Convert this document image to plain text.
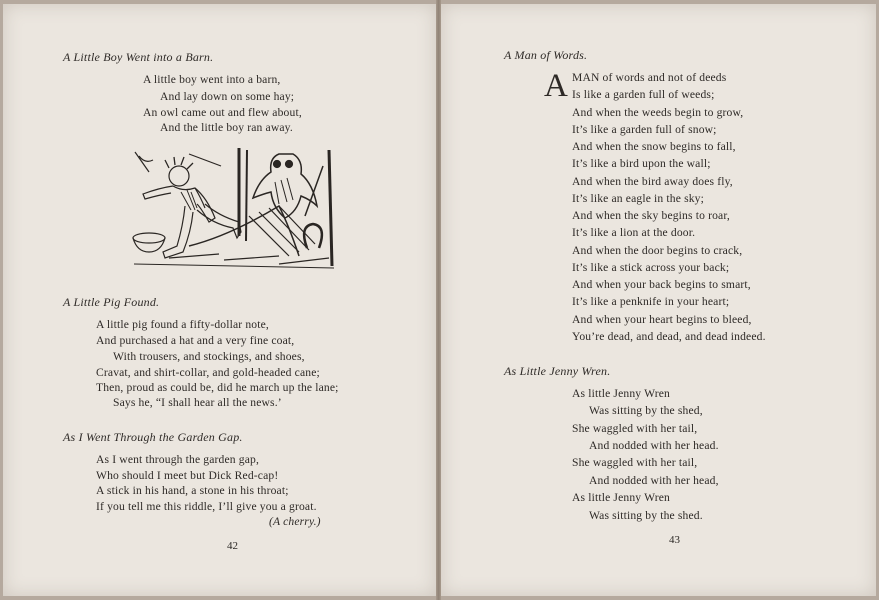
A Little Boy Went into a Barn.
A little boy went into a barn,
And lay down on some hay;
An owl came out and flew about,
And the little boy ran away.
A Little Pig Found.
A little pig found a fifty-dollar note,
And purchased a hat and a very fine coat,
With trousers, and stockings, and shoes,
Cravat, and shirt-collar, and gold-headed cane;
Then, proud as could be, did he march up the lane;
Says he, “I shall hear all the news.’
As I Went Through the Garden Gap.
As I went through the garden gap,
Who should I meet but Dick Red-cap!
A stick in his hand, a stone in his throat;
If you tell me this riddle, I’ll give you a groat.
(A cherry.)
42
A Man of Words.
A MAN of words and not of deeds
Is like a garden full of weeds;
And when the weeds begin to grow,
It’s like a garden full of snow;
And when the snow begins to fall,
It’s like a bird upon the wall;
And when the bird away does fly,
It’s like an eagle in the sky;
And when the sky begins to roar,
It’s like a lion at the door.
And when the door begins to crack,
It’s like a stick across your back;
And when your back begins to smart,
It’s like a penknife in your heart;
And when your heart begins to bleed,
You’re dead, and dead, and dead indeed.
As Little Jenny Wren.
As little Jenny Wren
Was sitting by the shed,
She waggled with her tail,
And nodded with her head.
She waggled with her tail,
And nodded with her head,
As little Jenny Wren
Was sitting by the shed.
43
